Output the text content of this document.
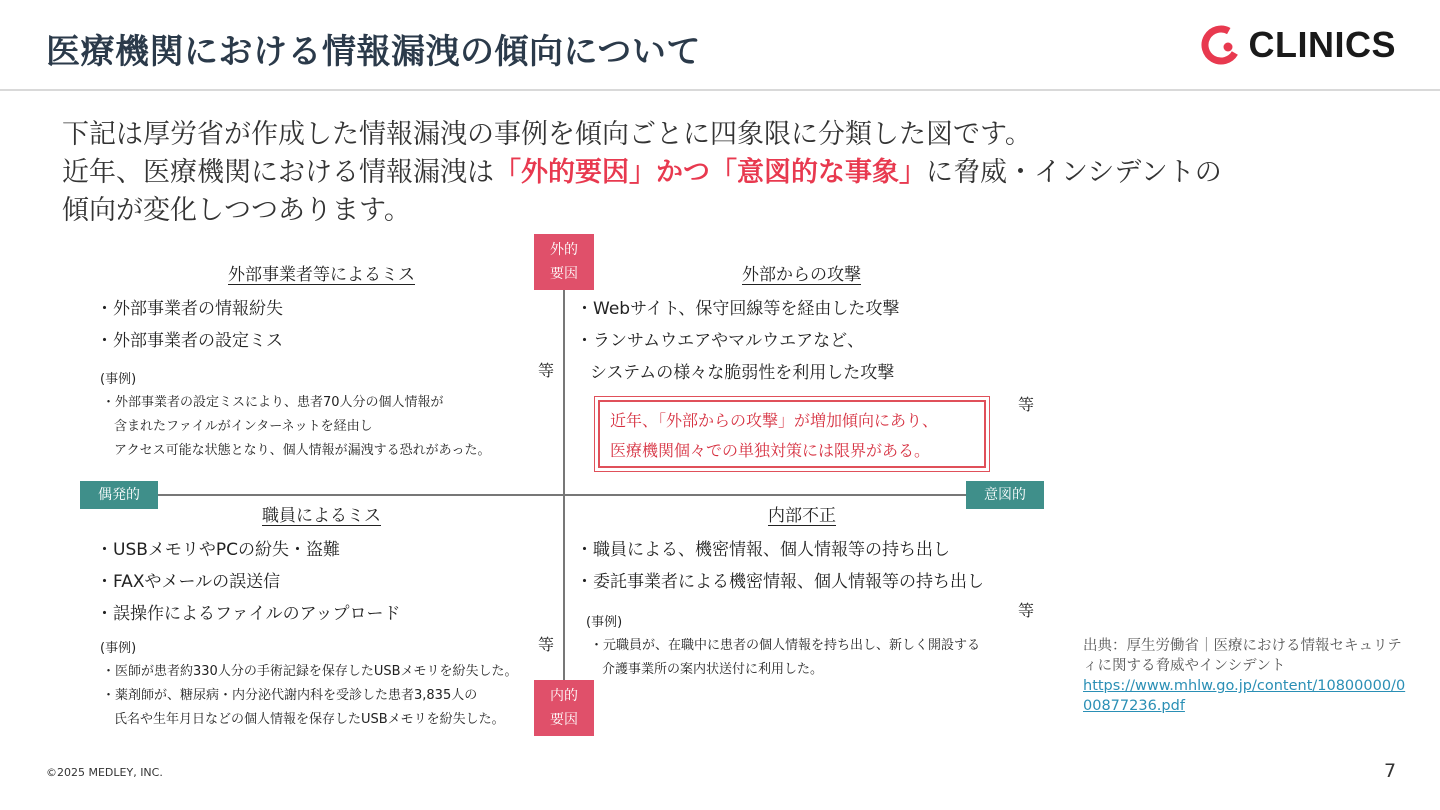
医療機関における情報漏洩の傾向について	CLINICS
下記は厚労省が作成した情報漏洩の事例を傾向ごとに四象限に分類した図です。
近年、医療機関における情報漏洩は「外的要因」かつ「意図的な事象」に脅威・インシデントの
傾向が変化しつつあります。
外的
要因
内的
要因
偶発的	意図的
外部事業者等によるミス
・外部事業者の情報紛失
・外部事業者の設定ミス
等
(事例)
・外部事業者の設定ミスにより、患者70人分の個人情報が
含まれたファイルがインターネットを経由し
アクセス可能な状態となり、個人情報が漏洩する恐れがあった。
外部からの攻撃
・Webサイト、保守回線等を経由した攻撃
・ランサムウエアやマルウエアなど、
システムの様々な脆弱性を利用した攻撃
等
近年、「外部からの攻撃」が増加傾向にあり、
医療機関個々での単独対策には限界がある。
職員によるミス
・USBメモリやPCの紛失・盗難
・FAXやメールの誤送信
・誤操作によるファイルのアップロード
等
(事例)
・医師が患者約330人分の手術記録を保存したUSBメモリを紛失した。
・薬剤師が、糖尿病・内分泌代謝内科を受診した患者3,835人の
氏名や生年月日などの個人情報を保存したUSBメモリを紛失した。
内部不正
・職員による、機密情報、個人情報等の持ち出し
・委託事業者による機密情報、個人情報等の持ち出し
等
(事例)
・元職員が、在職中に患者の個人情報を持ち出し、新しく開設する
介護事業所の案内状送付に利用した。
出典：厚生労働省｜医療における情報セキュリティに関する脅威やインシデント
https://www.mhlw.go.jp/content/10800000/000877236.pdf
©2025 MEDLEY, INC.	7
